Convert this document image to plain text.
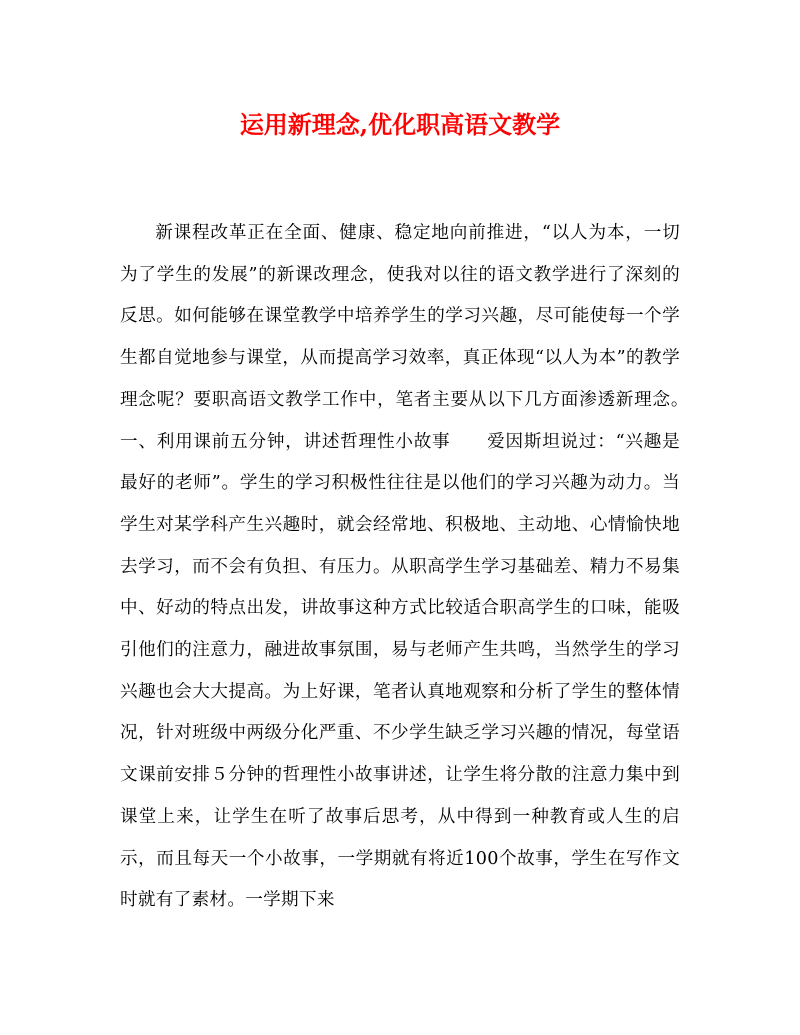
运用新理念,优化职高语文教学

新课程改革正在全面、健康、稳定地向前推进，“以人为本，一切为了学生的发展”的新课改理念，使我对以往的语文教学进行了深刻的反思。如何能够在课堂教学中培养学生的学习兴趣，尽可能使每一个学生都自觉地参与课堂，从而提高学习效率，真正体现“以人为本”的教学理念呢？要职高语文教学工作中，笔者主要从以下几方面渗透新理念。　　　一、利用课前五分钟，讲述哲理性小故事　　爱因斯坦说过：“兴趣是最好的老师”。学生的学习积极性往往是以他们的学习兴趣为动力。当学生对某学科产生兴趣时，就会经常地、积极地、主动地、心情愉快地去学习，而不会有负担、有压力。从职高学生学习基础差、精力不易集中、好动的特点出发，讲故事这种方式比较适合职高学生的口味，能吸引他们的注意力，融进故事氛围，易与老师产生共鸣，当然学生的学习兴趣也会大大提高。为上好课，笔者认真地观察和分析了学生的整体情况，针对班级中两级分化严重、不少学生缺乏学习兴趣的情况，每堂语文课前安排５分钟的哲理性小故事讲述，让学生将分散的注意力集中到课堂上来，让学生在听了故事后思考，从中得到一种教育或人生的启示，而且每天一个小故事，一学期就有将近100个故事，学生在写作文时就有了素材。一学期下来
